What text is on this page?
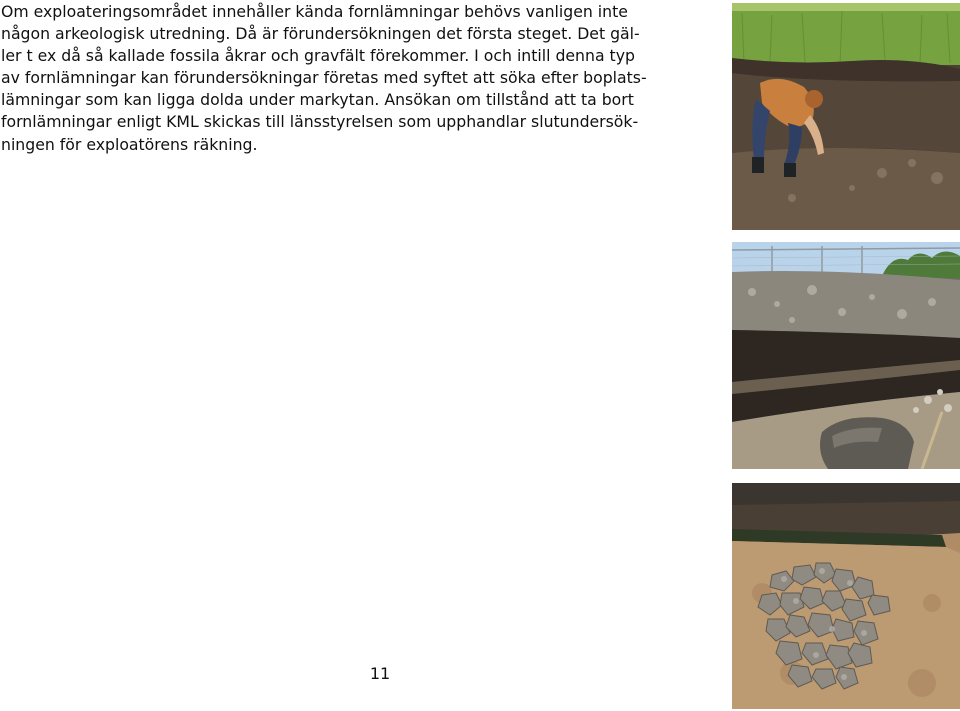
Om exploateringsområdet innehåller kända fornlämningar behövs vanligen inte
någon arkeologisk utredning. Då är förundersökningen det första steget. Det gäl-
ler t ex då så kallade fossila åkrar och gravfält förekommer. I och intill denna typ
av fornlämningar kan förundersökningar företas med syftet att söka efter boplats-
lämningar som kan ligga dolda under markytan. Ansökan om tillstånd att ta bort
fornlämningar enligt KML skickas till länsstyrelsen som upphandlar slutundersök-
ningen för exploatörens räkning.
11
